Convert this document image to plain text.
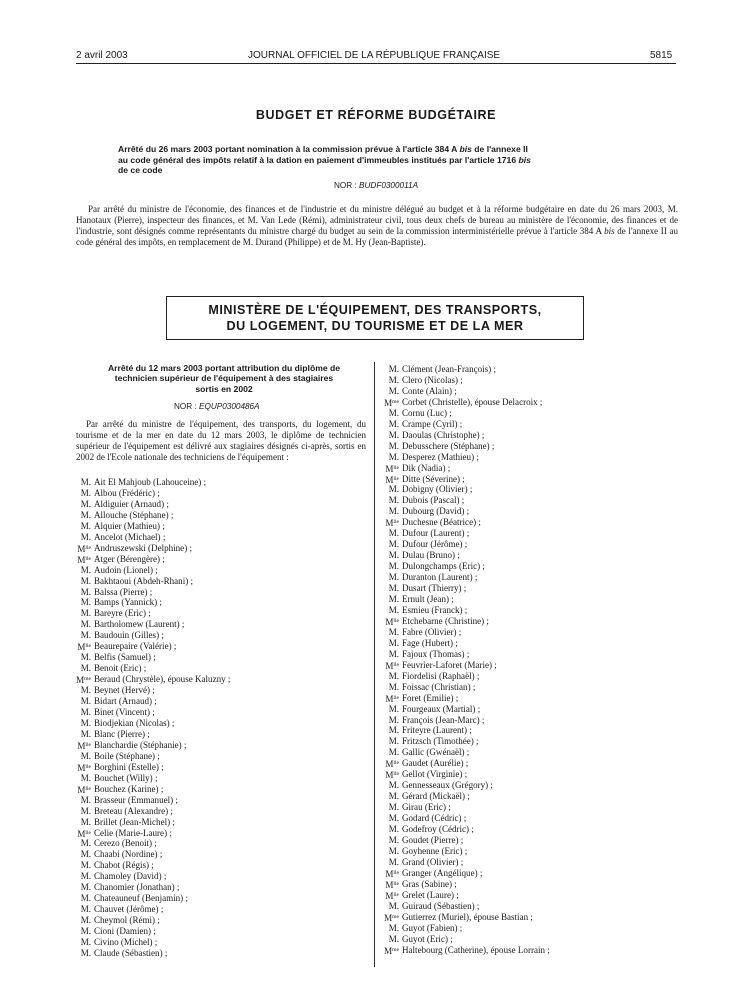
2 avril 2003	JOURNAL OFFICIEL DE LA RÉPUBLIQUE FRANÇAISE	5815
BUDGET ET RÉFORME BUDGÉTAIRE
Arrêté du 26 mars 2003 portant nomination à la commission prévue à l'article 384 A bis de l'annexe II
au code général des impôts relatif à la dation en paiement d'immeubles institués par l'article 1716 bis
de ce code
NOR : BUDF0300011A
Par arrêté du ministre de l'économie, des finances et de l'industrie et du ministre délégué au budget et à la réforme budgétaire en date du 26 mars 2003, M. Hanotaux (Pierre), inspecteur des finances, et M. Van Lede (Rémi), administrateur civil, tous deux chefs de bureau au ministère de l'économie, des finances et de l'industrie, sont désignés comme représentants du ministre chargé du budget au sein de la commission interministérielle prévue à l'article 384 A bis de l'annexe II au code général des impôts, en remplacement de M. Durand (Philippe) et de M. Hy (Jean-Baptiste).
MINISTÈRE DE L'ÉQUIPEMENT, DES TRANSPORTS,
DU LOGEMENT, DU TOURISME ET DE LA MER
Arrêté du 12 mars 2003 portant attribution du diplôme de
technicien supérieur de l'équipement à des stagiaires
sortis en 2002
NOR : EQUP0300486A
Par arrêté du ministre de l'équipement, des transports, du logement, du tourisme et de la mer en date du 12 mars 2003, le diplôme de technicien supérieur de l'équipement est délivré aux stagiaires désignés ci-après, sortis en 2002 de l'Ecole nationale des techniciens de l'équipement :
M. Ait El Mahjoub (Lahouceine) ;
M. Albou (Frédéric) ;
M. Aldiguier (Arnaud) ;
M. Allouche (Stéphane) ;
M. Alquier (Mathieu) ;
M. Ancelot (Michael) ;
$M^{lle}$ Andruszewski (Delphine) ;
$M^{lle}$ Atger (Bérengère) ;
M. Audoin (Lionel) ;
M. Bakhtaoui (Abdeh-Rhani) ;
M. Balssa (Pierre) ;
M. Bamps (Yannick) ;
M. Bareyre (Eric) ;
M. Bartholomew (Laurent) ;
M. Baudouin (Gilles) ;
$M^{lle}$ Beaurepaire (Valérie) ;
M. Belfis (Samuel) ;
M. Benoit (Eric) ;
$M^{me}$ Beraud (Chrystèle), épouse Kaluzny ;
M. Beynet (Hervé) ;
M. Bidart (Arnaud) ;
M. Binet (Vincent) ;
M. Biodjekian (Nicolas) ;
M. Blanc (Pierre) ;
$M^{lle}$ Blanchardie (Stéphanie) ;
M. Boile (Stéphane) ;
$M^{lle}$ Borghini (Estelle) ;
M. Bouchet (Willy) ;
$M^{lle}$ Bouchez (Karine) ;
M. Brasseur (Emmanuel) ;
M. Breteau (Alexandre) ;
M. Brillet (Jean-Michel) ;
$M^{lle}$ Celie (Marie-Laure) ;
M. Cerezo (Benoit) ;
M. Chaabi (Nordine) ;
M. Chabot (Régis) ;
M. Chamoley (David) ;
M. Chanomier (Jonathan) ;
M. Chateauneuf (Benjamin) ;
M. Chauvet (Jérôme) ;
M. Cheymol (Rémi) ;
M. Cioni (Damien) ;
M. Civino (Michel) ;
M. Claude (Sébastien) ;
M. Clément (Jean-François) ;
M. Clero (Nicolas) ;
M. Conte (Alain) ;
$M^{me}$ Corbet (Christelle), épouse Delacroix ;
M. Cornu (Luc) ;
M. Crampe (Cyril) ;
M. Daoulas (Christophe) ;
M. Debusschere (Stéphane) ;
M. Desperez (Mathieu) ;
$M^{lle}$ Dik (Nadia) ;
$M^{lle}$ Ditte (Séverine) ;
M. Dobigny (Olivier) ;
M. Dubois (Pascal) ;
M. Dubourg (David) ;
$M^{lle}$ Duchesne (Béatrice) ;
M. Dufour (Laurent) ;
M. Dufour (Jérôme) ;
M. Dulau (Bruno) ;
M. Dulongchamps (Eric) ;
M. Duranton (Laurent) ;
M. Dusart (Thierry) ;
M. Ernult (Jean) ;
M. Esmieu (Franck) ;
$M^{lle}$ Etchebarne (Christine) ;
M. Fabre (Olivier) ;
M. Fage (Hubert) ;
M. Fajoux (Thomas) ;
$M^{lle}$ Feuvrier-Laforet (Marie) ;
M. Fiordelisi (Raphaël) ;
M. Foissac (Christian) ;
$M^{lle}$ Foret (Emilie) ;
M. Fourgeaux (Martial) ;
M. François (Jean-Marc) ;
M. Friteyre (Laurent) ;
M. Fritzsch (Timothée) ;
M. Gallic (Gwénaël) ;
$M^{lle}$ Gaudet (Aurélie) ;
$M^{lle}$ Gellot (Virginie) ;
M. Gennesseaux (Grégory) ;
M. Gérard (Mickaël) ;
M. Girau (Eric) ;
M. Godard (Cédric) ;
M. Godefroy (Cédric) ;
M. Goudet (Pierre) ;
M. Goyhenne (Eric) ;
M. Grand (Olivier) ;
$M^{lle}$ Granger (Angélique) ;
$M^{lle}$ Gras (Sabine) ;
$M^{lle}$ Grelet (Laure) ;
M. Guiraud (Sébastien) ;
$M^{me}$ Gutierrez (Muriel), épouse Bastian ;
M. Guyot (Fabien) ;
M. Guyot (Eric) ;
$M^{me}$ Haltebourg (Catherine), épouse Lorrain ;
